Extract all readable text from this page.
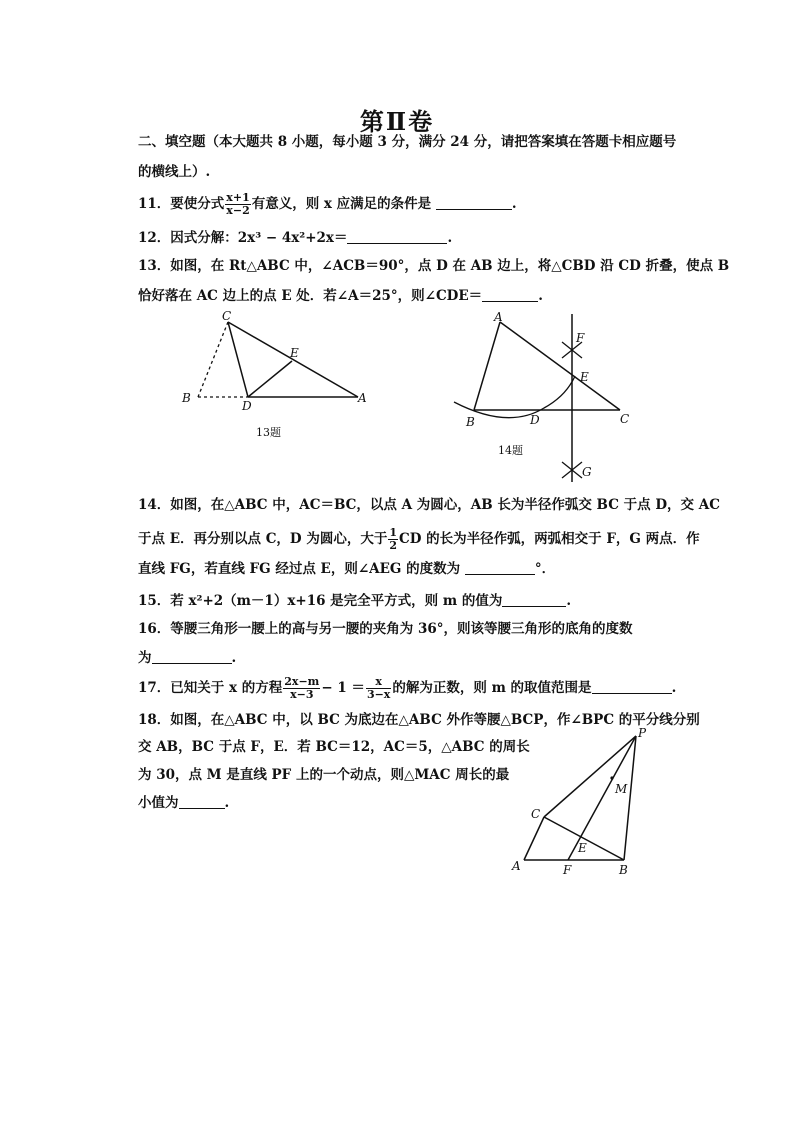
第Ⅱ卷
二、填空题（本大题共 8 小题，每小题 3 分，满分 24 分，请把答案填在答题卡相应题号
的横线上）.
11．要使分式 $\frac{x+1}{x-2}$ 有意义，则 x 应满足的条件是	.
12．因式分解：2x³ − 4x²+2x＝	.
13．如图，在 Rt△ABC 中，∠ACB＝90°，点 D 在 AB 边上，将△CBD 沿 CD 折叠，使点 B
恰好落在 AC 边上的点 E 处．若∠A＝25°，则∠CDE＝	.
C
E
B
D
A
13题
A
F
E
B	D	C
G
14题
14．如图，在△ABC 中，AC＝BC，以点 A 为圆心，AB 长为半径作弧交 BC 于点 D，交 AC
于点 E．再分别以点 C，D 为圆心，大于 $\frac{1}{2}$ CD 的长为半径作弧，两弧相交于 F，G 两点．作
直线 FG，若直线 FG 经过点 E，则∠AEG 的度数为	°．
15．若 x²+2（m－1）x+16 是完全平方式，则 m 的值为	.
16．等腰三角形一腰上的高与另一腰的夹角为 36°，则该等腰三角形的底角的度数
为	.
17．已知关于 x 的方程 $\frac{2x-m}{x-3} - 1 = \frac{x}{3-x}$ 的解为正数，则 m 的取值范围是	.
18．如图，在△ABC 中，以 BC 为底边在△ABC 外作等腰△BCP，作∠BPC 的平分线分别
交 AB，BC 于点 F，E．若 BC＝12，AC＝5，△ABC 的周长
为 30，点 M 是直线 PF 上的一个动点，则△MAC 周长的最
小值为	.
P
M
C
E
A	F	B
